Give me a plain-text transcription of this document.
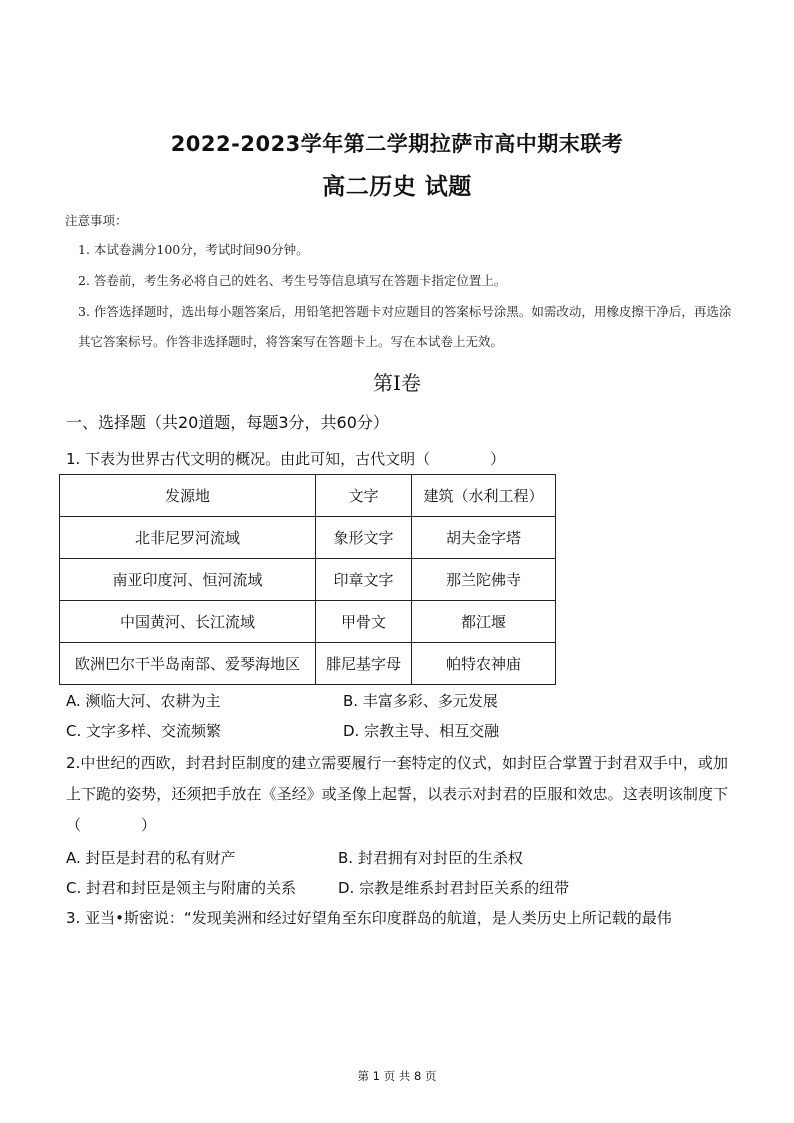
2022-2023学年第二学期拉萨市高中期末联考
高二历史 试题
注意事项：
1. 本试卷满分100分，考试时间90分钟。
2. 答卷前，考生务必将自己的姓名、考生号等信息填写在答题卡指定位置上。
3. 作答选择题时，选出每小题答案后，用铅笔把答题卡对应题目的答案标号涂黑。如需改动，用橡皮擦干净后，再选涂其它答案标号。作答非选择题时，将答案写在答题卡上。写在本试卷上无效。
第Ⅰ卷
一、选择题（共20道题，每题3分，共60分）
1. 下表为世界古代文明的概况。由此可知，古代文明（　　　　）
发源地	文字	建筑（水利工程）
北非尼罗河流域	象形文字	胡夫金字塔
南亚印度河、恒河流域	印章文字	那兰陀佛寺
中国黄河、长江流域	甲骨文	都江堰
欧洲巴尔干半岛南部、爱琴海地区	腓尼基字母	帕特农神庙
A. 濒临大河、农耕为主	B. 丰富多彩、多元发展
C. 文字多样、交流频繁	D. 宗教主导、相互交融
2.中世纪的西欧，封君封臣制度的建立需要履行一套特定的仪式，如封臣合掌置于封君双手中，或加上下跪的姿势，还须把手放在《圣经》或圣像上起誓，以表示对封君的臣服和效忠。这表明该制度下（　　　　）
A. 封臣是封君的私有财产	B. 封君拥有对封臣的生杀权
C. 封君和封臣是领主与附庸的关系	D. 宗教是维系封君封臣关系的纽带
3. 亚当•斯密说：“发现美洲和经过好望角至东印度群岛的航道，是人类历史上所记载的最伟
第 1 页 共 8 页
